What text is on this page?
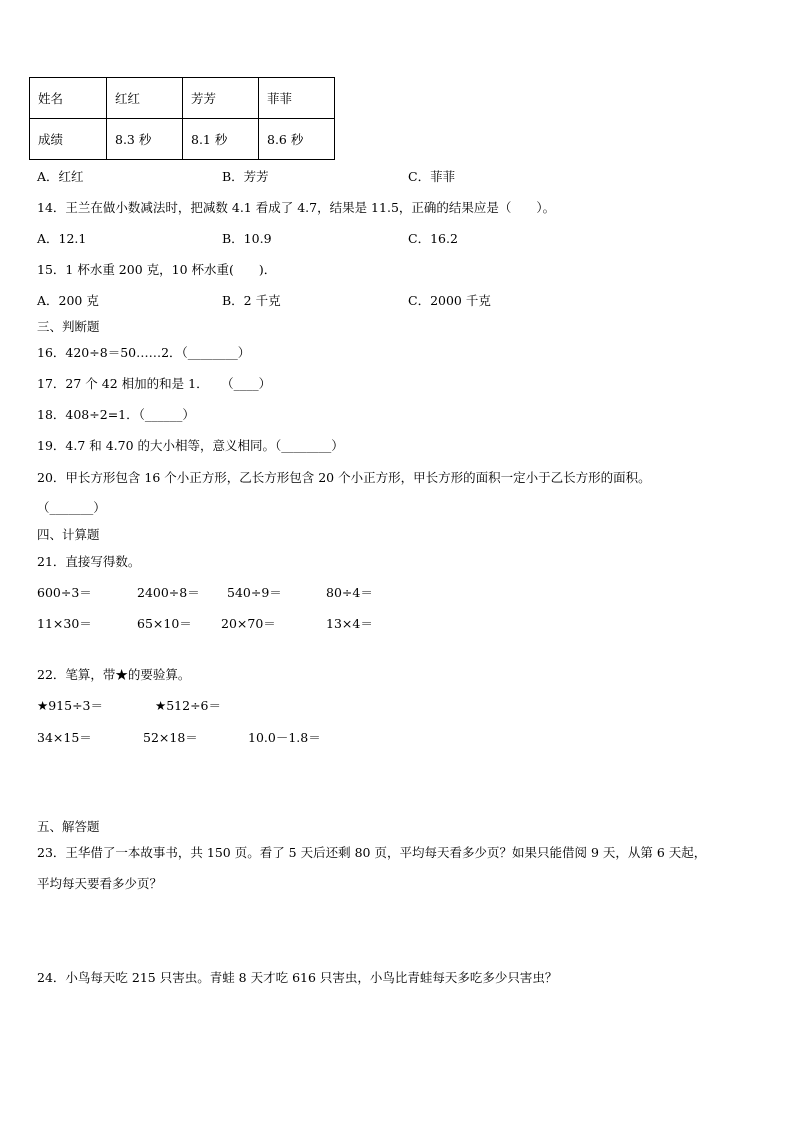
姓名	红红	芳芳	菲菲
成绩	8.3 秒	8.1 秒	8.6 秒
A．红红	B．芳芳	C．菲菲
14．王兰在做小数减法时，把减数 4.1 看成了 4.7，结果是 11.5，正确的结果应是（　　）。
A．12.1	B．10.9	C．16.2
15．1 杯水重 200 克，10 杯水重(　　)．
A．200 克	B．2 千克	C．2000 千克
三、判断题
16．420÷8＝50……2．（________）
17．27 个 42 相加的和是 1．　　（____）
18．408÷2=1．（______）
19．4.7 和 4.70 的大小相等，意义相同。（________）
20．甲长方形包含 16 个小正方形，乙长方形包含 20 个小正方形，甲长方形的面积一定小于乙长方形的面积。
（_______）
四、计算题
21．直接写得数。
600÷3＝	2400÷8＝ 540÷9＝	80÷4＝
11×30＝	65×10＝ 20×70＝	13×4＝
22．笔算，带★的要验算。
★915÷3＝	★512÷6＝
34×15＝	52×18＝	10.0－1.8＝
五、解答题
23．王华借了一本故事书，共 150 页。看了 5 天后还剩 80 页，平均每天看多少页？如果只能借阅 9 天，从第 6 天起，
平均每天要看多少页？
24．小鸟每天吃 215 只害虫。青蛙 8 天才吃 616 只害虫，小鸟比青蛙每天多吃多少只害虫？
